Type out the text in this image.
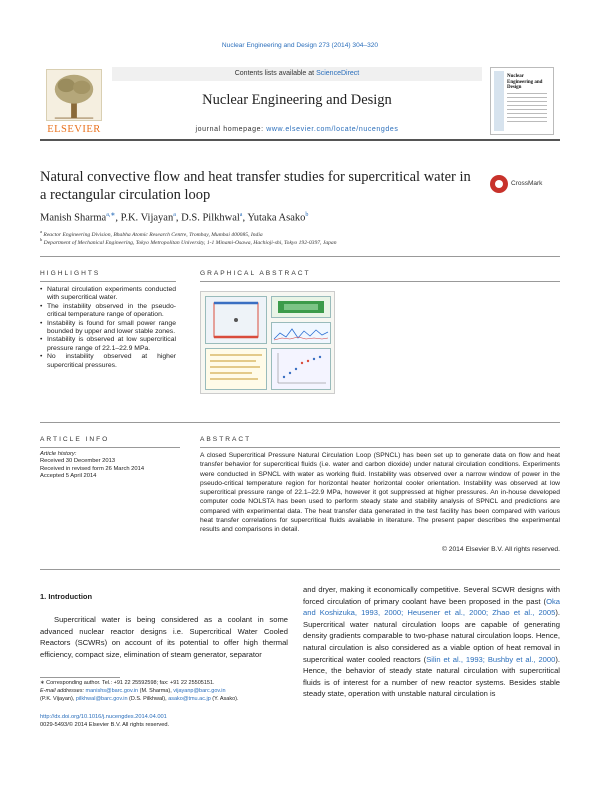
Nuclear Engineering and Design 273 (2014) 304–320
ELSEVIER
Contents lists available at ScienceDirect
Nuclear Engineering and Design
journal homepage: www.elsevier.com/locate/nucengdes
Nuclear Engineering and Design
Natural convective flow and heat transfer studies for supercritical water in a rectangular circulation loop
CrossMark
Manish Sharma$^{a,∗}$, P.K. Vijayan$^a$, D.S. Pilkhwal$^a$, Yutaka Asako$^b$
$^a$ Reactor Engineering Division, Bhabha Atomic Research Centre, Trombay, Mumbai 400085, India
$^b$ Department of Mechanical Engineering, Tokyo Metropolitan University, 1-1 Minami-Osawa, Hachioji-shi, Tokyo 192-0397, Japan
HIGHLIGHTS
• Natural circulation experiments conducted with supercritical water.
• The instability observed in the pseudo-critical temperature range of operation.
• Instability is found for small power range bounded by upper and lower stable zones.
• Instability is observed at low supercritical pressure range of 22.1–22.9 MPa.
• No instability observed at higher supercritical pressures.
GRAPHICAL ABSTRACT
ARTICLE INFO
Article history:
Received 30 December 2013
Received in revised form 26 March 2014
Accepted 5 April 2014
ABSTRACT
A closed Supercritical Pressure Natural Circulation Loop (SPNCL) has been set up to generate data on flow and heat transfer behavior for supercritical fluids (i.e. water and carbon dioxide) under natural circulation conditions. Experiments were conducted in SPNCL with water as working fluid. Instability was observed over a narrow window of power in the pseudo-critical temperature region for horizontal heater horizontal cooler orientation. Instability was observed at low supercritical pressure range of 22.1–22.9 MPa, however it got suppressed at higher pressures. An in-house developed computer code NOLSTA has been used to perform steady state and stability analysis of SPNCL and predictions are compared with experimental data. The heat transfer data generated in the test facility has been compared with various heat transfer correlations for supercritical fluids available in literature. The present paper describes the experimental results and comparisons in detail.
© 2014 Elsevier B.V. All rights reserved.
1. Introduction
Supercritical water is being considered as a coolant in some advanced nuclear reactor designs i.e. Supercritical Water Cooled Reactors (SCWRs) on account of its potential to offer high thermal efficiency, compact size, elimination of steam generator, separator
and dryer, making it economically competitive. Several SCWR designs with forced circulation of primary coolant have been proposed in the past (Oka and Koshizuka, 1993, 2000; Heusener et al., 2000; Zhao et al., 2005). Supercritical water natural circulation loops are capable of generating density gradients comparable to two-phase natural circulation loops. Hence, natural circulation is also considered as a viable option of heat removal in supercritical water cooled reactors (Silin et al., 1993; Bushby et al., 2000). Hence, the behavior of steady state natural circulation with supercritical fluids is of interest for a number of new reactor systems. Besides stable steady state, operation with unstable natural circulation is
∗ Corresponding author. Tel.: +91 22 25592598; fax: +91 22 25505151.
E-mail addresses: manishs@barc.gov.in (M. Sharma), vijayanp@barc.gov.in
(P.K. Vijayan), pilkhwal@barc.gov.in (D.S. Pilkhwal), asako@tmu.ac.jp (Y. Asako).
http://dx.doi.org/10.1016/j.nucengdes.2014.04.001
0029-5493/© 2014 Elsevier B.V. All rights reserved.
